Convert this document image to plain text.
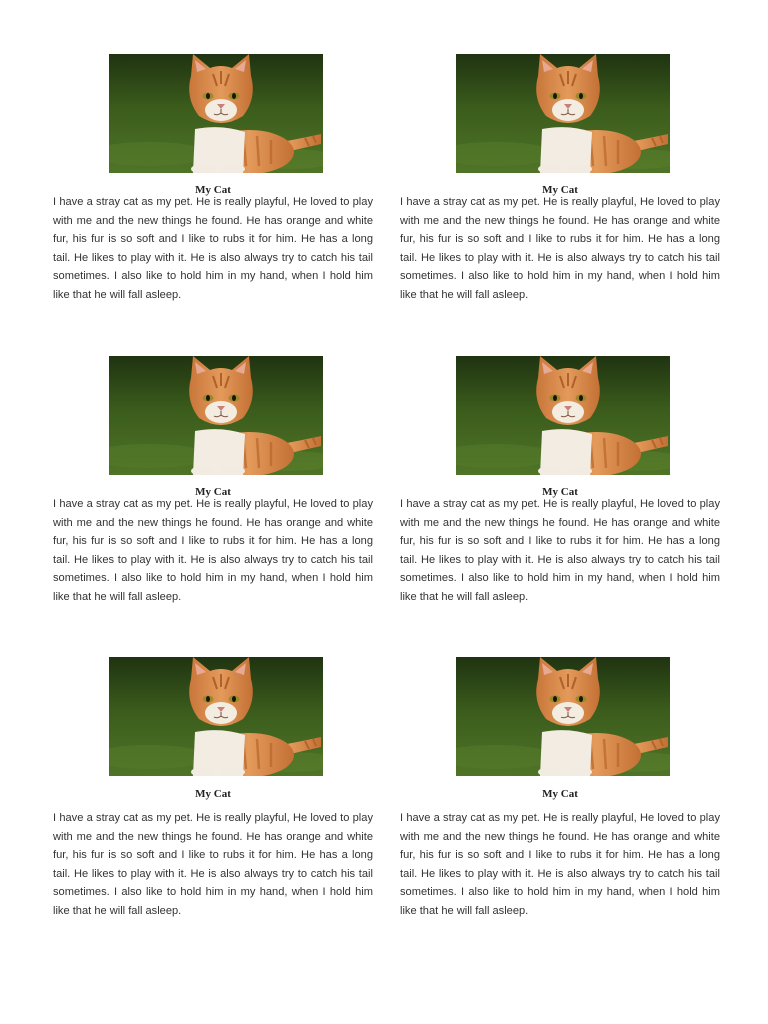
My Cat

I have a stray cat as my pet. He is really playful, He loved to play with me and the new things he found. He has orange and white fur, his fur is so soft and I like to rubs it for him. He has a long tail. He likes to play with it. He is also always try to catch his tail sometimes. I also like to hold him in my hand, when I hold him like that he will fall asleep.

My Cat

I have a stray cat as my pet. He is really playful, He loved to play with me and the new things he found. He has orange and white fur, his fur is so soft and I like to rubs it for him. He has a long tail. He likes to play with it. He is also always try to catch his tail sometimes. I also like to hold him in my hand, when I hold him like that he will fall asleep.

My Cat

I have a stray cat as my pet. He is really playful, He loved to play with me and the new things he found. He has orange and white fur, his fur is so soft and I like to rubs it for him. He has a long tail. He likes to play with it. He is also always try to catch his tail sometimes. I also like to hold him in my hand, when I hold him like that he will fall asleep.

My Cat

I have a stray cat as my pet. He is really playful, He loved to play with me and the new things he found. He has orange and white fur, his fur is so soft and I like to rubs it for him. He has a long tail. He likes to play with it. He is also always try to catch his tail sometimes. I also like to hold him in my hand, when I hold him like that he will fall asleep.

My Cat

I have a stray cat as my pet. He is really playful, He loved to play with me and the new things he found. He has orange and white fur, his fur is so soft and I like to rubs it for him. He has a long tail. He likes to play with it. He is also always try to catch his tail sometimes. I also like to hold him in my hand, when I hold him like that he will fall asleep.

My Cat

I have a stray cat as my pet. He is really playful, He loved to play with me and the new things he found. He has orange and white fur, his fur is so soft and I like to rubs it for him. He has a long tail. He likes to play with it. He is also always try to catch his tail sometimes. I also like to hold him in my hand, when I hold him like that he will fall asleep.
